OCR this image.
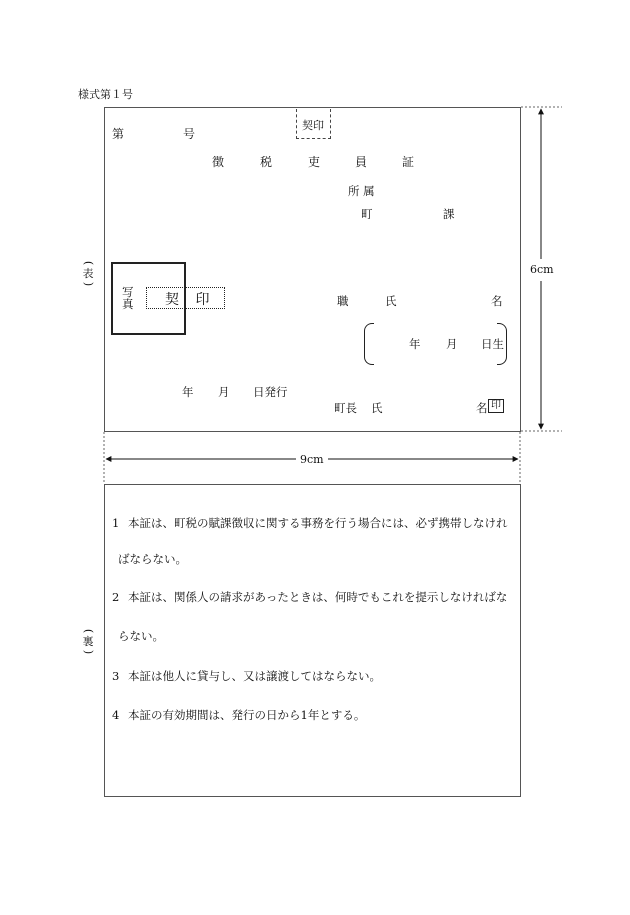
様式第１号
(
表
)
(
裏
)
第	号
契印
徴	税	吏	員	証
所 属
町	課
写真 契 印	職	氏	名
年 月 日生
年 月 日発行
町長 氏	名 印
6cm
9cm
1 本証は、町税の賦課徴収に関する事務を行う場合には、必ず携帯しなけれ
ばならない。
2 本証は、関係人の請求があったときは、何時でもこれを提示しなければな
らない。
3 本証は他人に貸与し、又は譲渡してはならない。
4 本証の有効期間は、発行の日から1年とする。
